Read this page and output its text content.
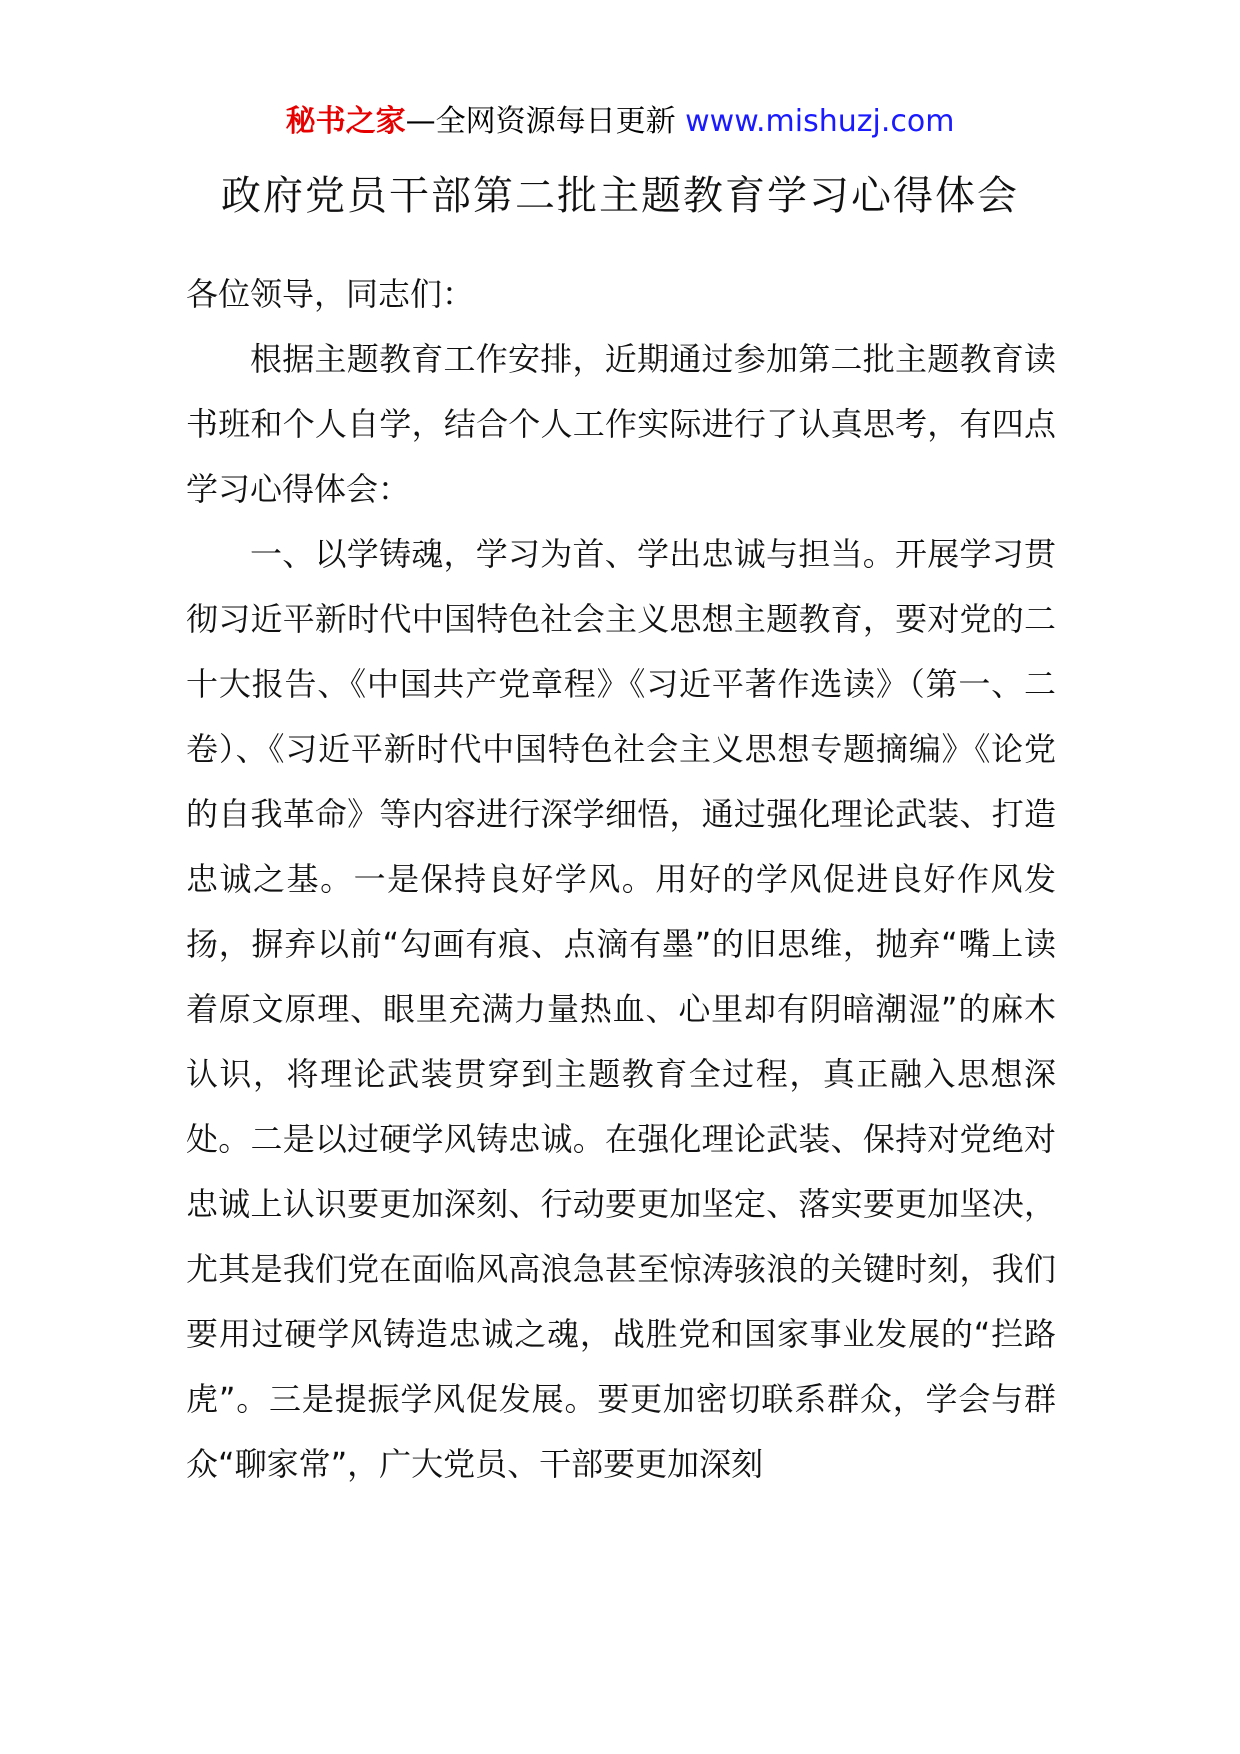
秘书之家—全网资源每日更新 www.mishuzj.com
政府党员干部第二批主题教育学习心得体会

各位领导，同志们：

根据主题教育工作安排，近期通过参加第二批主题教育读书班和个人自学，结合个人工作实际进行了认真思考，有四点学习心得体会：

一、以学铸魂，学习为首、学出忠诚与担当。开展学习贯彻习近平新时代中国特色社会主义思想主题教育，要对党的二十大报告、《中国共产党章程》《习近平著作选读》（第一、二卷）、《习近平新时代中国特色社会主义思想专题摘编》《论党的自我革命》等内容进行深学细悟，通过强化理论武装、打造忠诚之基。一是保持良好学风。用好的学风促进良好作风发扬，摒弃以前“勾画有痕、点滴有墨”的旧思维，抛弃“嘴上读着原文原理、眼里充满力量热血、心里却有阴暗潮湿”的麻木认识，将理论武装贯穿到主题教育全过程，真正融入思想深处。二是以过硬学风铸忠诚。在强化理论武装、保持对党绝对忠诚上认识要更加深刻、行动要更加坚定、落实要更加坚决，尤其是我们党在面临风高浪急甚至惊涛骇浪的关键时刻，我们要用过硬学风铸造忠诚之魂，战胜党和国家事业发展的“拦路虎”。三是提振学风促发展。要更加密切联系群众，学会与群众“聊家常”，广大党员、干部要更加深刻
